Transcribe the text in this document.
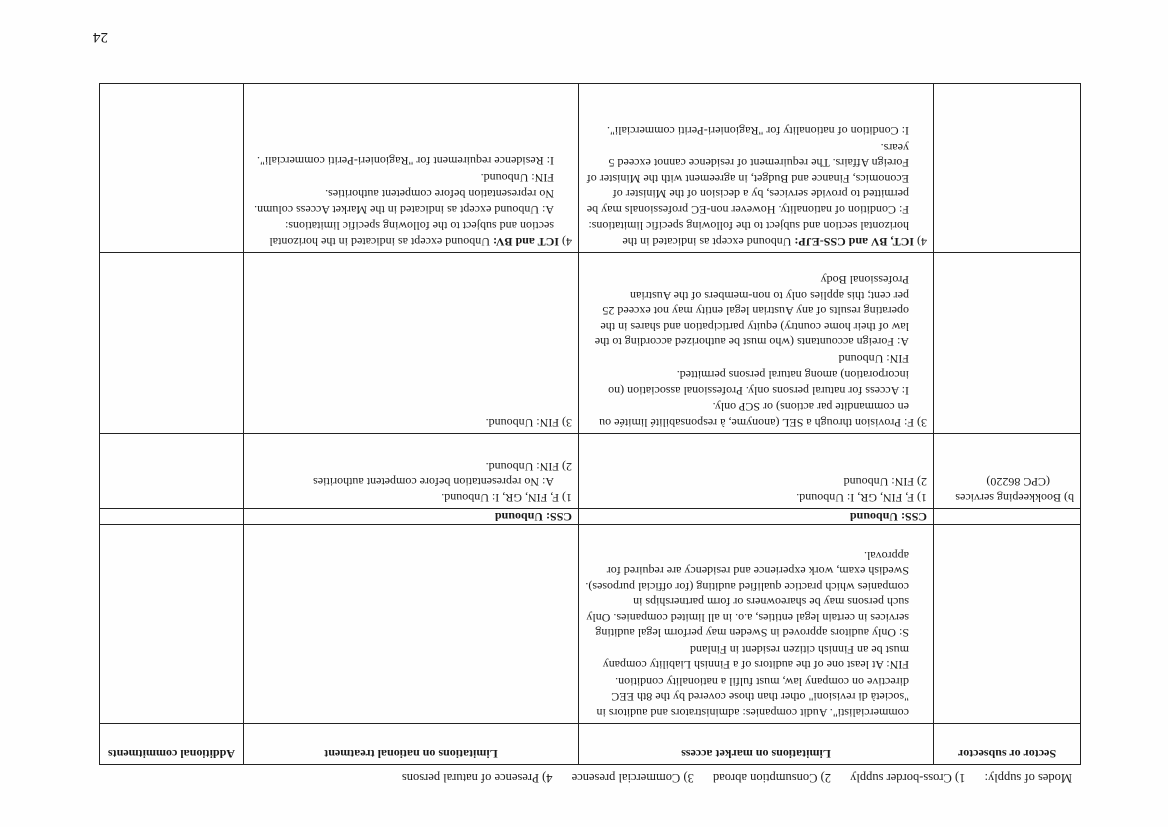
24
Modes of supply: 1) Cross-border supply 2) Consumption abroad 3) Commercial presence 4) Presence of natural persons
Sector or subsector
Limitations on market access
Limitations on national treatment
Additional commitments

commercialisti". Audit companies: administrators and auditors in "società di revisioni" other than those covered by the 8th EEC directive on company law, must fulfil a nationality condition.

FIN: At least one of the auditors of a Finnish Liability company must be an Finnish citizen resident in Finland

S: Only auditors approved in Sweden may perform legal auditing services in certain legal entities, a.o. in all limited companies. Only such persons may be shareowners or form partnerships in companies which practice qualified auditing (for official purposes). Swedish exam, work experience and residency are required for approval.

CSS: Unbound
CSS: Unbound
b) Bookkeeping services
(CPC 86220)
1) F, FIN, GR, I: Unbound.
2) FIN: Unbound
1) F, FIN, GR, I: Unbound.
A: No representation before competent authorities
2) FIN: Unbound.

3) F: Provision through a SEL (anonyme, à responsabilité limitée ou en commandite par actions) or SCP only.

I: Access for natural persons only. Professional association (no incorporation) among natural persons permitted.

FIN: Unbound

A: Foreign accountants (who must be authorized according to the law of their home country) equity participation and shares in the operating results of any Austrian legal entity may not exceed 25 per cent; this applies only to non-members of the Austrian Professional Body

3) FIN: Unbound.

4) ICT, BV and CSS-EJP: Unbound except as indicated in the horizontal section and subject to the following specific limitations:

F: Condition of nationality. However non-EC professionals may be permitted to provide services, by a decision of the Minister of Economics, Finance and Budget, in agreement with the Minister of Foreign Affairs. The requirement of residence cannot exceed 5 years.

I: Condition of nationality for "Ragionieri-Periti commerciali".

4) ICT and BV: Unbound except as indicated in the horizontal section and subject to the following specific limitations:

A: Unbound except as indicated in the Market Access column. No representation before competent authorities.

FIN: Unbound.

I: Residence requirement for "Ragionieri-Periti commerciali".
